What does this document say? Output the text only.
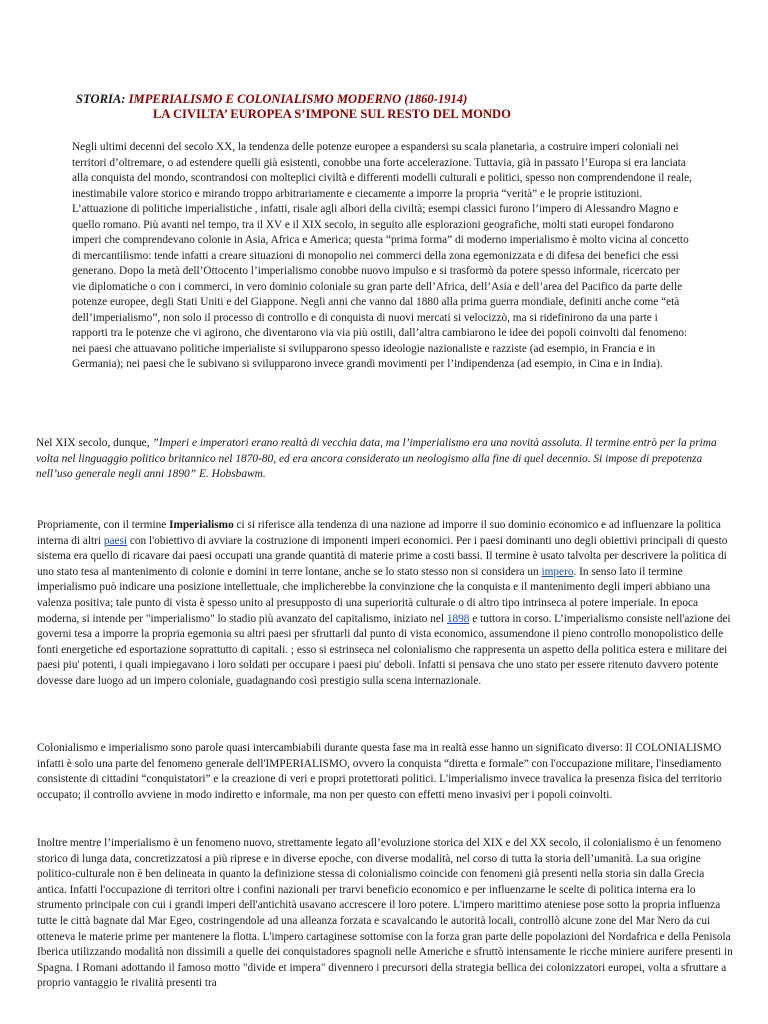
STORIA: IMPERIALISMO E COLONIALISMO MODERNO (1860-1914)
LA CIVILTA’ EUROPEA S’IMPONE SUL RESTO DEL MONDO

Negli ultimi decenni del secolo XX, la tendenza delle potenze europee a espandersi su scala planetaria, a costruire imperi coloniali nei territori d’oltremare, o ad estendere quelli già esistenti, conobbe una forte accelerazione. Tuttavia, già in passato l’Europa si era lanciata alla conquista del mondo, scontrandosi con molteplici civiltà e differenti modelli culturali e politici, spesso non comprendendone il reale, inestimabile valore storico e mirando troppo arbitrariamente e ciecamente a imporre la propria “verità” e le proprie istituzioni. L’attuazione di politiche imperialistiche , infatti, risale agli albori della civiltà; esempi classici furono l’impero di Alessandro Magno e quello romano. Più avanti nel tempo, tra il XV e il XIX secolo, in seguito alle esplorazioni geografiche, molti stati europei fondarono imperi che comprendevano colonie in Asia, Africa e America; questa “prima forma” di moderno imperialismo è molto vicina al concetto di mercantilismo: tende infatti a creare situazioni di monopolio nei commerci della zona egemonizzata e di difesa dei benefici che essi generano. Dopo la metà dell’Ottocento l’imperialismo conobbe nuovo impulso e si trasformò da potere spesso informale, ricercato per vie diplomatiche o con i commerci, in vero dominio coloniale su gran parte dell’Africa, dell’Asia e dell’area del Pacifico da parte delle potenze europee, degli Stati Uniti e del Giappone. Negli anni che vanno dal 1880 alla prima guerra mondiale, definiti anche come “età dell’imperialismo”, non solo il processo di controllo e di conquista di nuovi mercati si velocizzò, ma si ridefinirono da una parte i rapporti tra le potenze che vi agirono, che diventarono via via più ostili, dall’altra cambiarono le idee dei popoli coinvolti dal fenomeno: nei paesi che attuavano politiche imperialiste si svilupparono spesso ideologie nazionaliste e razziste (ad esempio, in Francia e in Germania); nei paesi che le subivano si svilupparono invece grandi movimenti per l’indipendenza (ad esempio, in Cina e in India).

Nel XIX secolo, dunque, ”Imperi e imperatori erano realtà di vecchia data, ma l’imperialismo era una novità assoluta. Il termine entrò per la prima volta nel linguaggio politico britannico nel 1870-80, ed era ancora considerato un neologismo alla fine di quel decennio. Si impose di prepotenza nell’uso generale negli anni 1890” E. Hobsbawm.

Propriamente, con il termine Imperialismo ci si riferisce alla tendenza di una nazione ad imporre il suo dominio economico e ad influenzare la politica interna di altri paesi con l'obiettivo di avviare la costruzione di imponenti imperi economici. Per i paesi dominanti uno degli obiettivi principali di questo sistema era quello di ricavare dai paesi occupati una grande quantità di materie prime a costi bassi. Il termine è usato talvolta per descrivere la politica di uno stato tesa al mantenimento di colonie e domini in terre lontane, anche se lo stato stesso non si considera un impero. In senso lato il termine imperialismo può indicare una posizione intellettuale, che implicherebbe la convinzione che la conquista e il mantenimento degli imperi abbiano una valenza positiva; tale punto di vista è spesso unito al presupposto di una superiorità culturale o di altro tipo intrinseca al potere imperiale. In epoca moderna, si intende per "imperialismo" lo stadio più avanzato del capitalismo, iniziato nel 1898 e tuttora in corso. L’imperialismo consiste nell'azione dei governi tesa a imporre la propria egemonia su altri paesi per sfruttarli dal punto di vista economico, assumendone il pieno controllo monopolistico delle fonti energetiche ed esportazione soprattutto di capitali. ; esso si estrinseca nel colonialismo che rappresenta un aspetto della politica estera e militare dei paesi piu' potenti, i quali impiegavano i loro soldati per occupare i paesi piu' deboli. Infatti si pensava che uno stato per essere ritenuto davvero potente dovesse dare luogo ad un impero coloniale, guadagnando così prestigio sulla scena internazionale.

Colonialismo e imperialismo sono parole quasi intercambiabili durante questa fase ma in realtà esse hanno un significato diverso: Il COLONIALISMO infatti è solo una parte del fenomeno generale dell'IMPERIALISMO, ovvero la conquista “diretta e formale” con l'occupazione militare, l'insediamento consistente di cittadini “conquistatori” e la creazione di veri e propri protettorati politici. L'imperialismo invece travalica la presenza fisica del territorio occupato; il controllo avviene in modo indiretto e informale, ma non per questo con effetti meno invasivi per i popoli coinvolti.

Inoltre mentre l’imperialismo è un fenomeno nuovo, strettamente legato all’evoluzione storica del XIX e del XX secolo, il colonialismo è un fenomeno storico di lunga data, concretizzatosi a più riprese e in diverse epoche, con diverse modalità, nel corso di tutta la storia dell’umanità. La sua origine politico-culturale non è ben delineata in quanto la definizione stessa di colonialismo coincide con fenomeni già presenti nella storia sin dalla Grecia antica. Infatti l'occupazione di territori oltre i confini nazionali per trarvi beneficio economico e per influenzarne le scelte di politica interna era lo strumento principale con cui i grandi imperi dell'antichità usavano accrescere il loro potere. L'impero marittimo ateniese pose sotto la propria influenza tutte le città bagnate dal Mar Egeo, costringendole ad una alleanza forzata e scavalcando le autorità locali, controllò alcune zone del Mar Nero da cui otteneva le materie prime per mantenere la flotta. L'impero cartaginese sottomise con la forza gran parte delle popolazioni del Nordafrica e della Penisola Iberica utilizzando modalità non dissimili a quelle dei conquistadores spagnoli nelle Americhe e sfruttò intensamente le ricche miniere aurifere presenti in Spagna. I Romani adottando il famoso motto "divide et impera" divennero i precursori della strategia bellica dei colonizzatori europei, volta a sfruttare a proprio vantaggio le rivalità presenti tra
